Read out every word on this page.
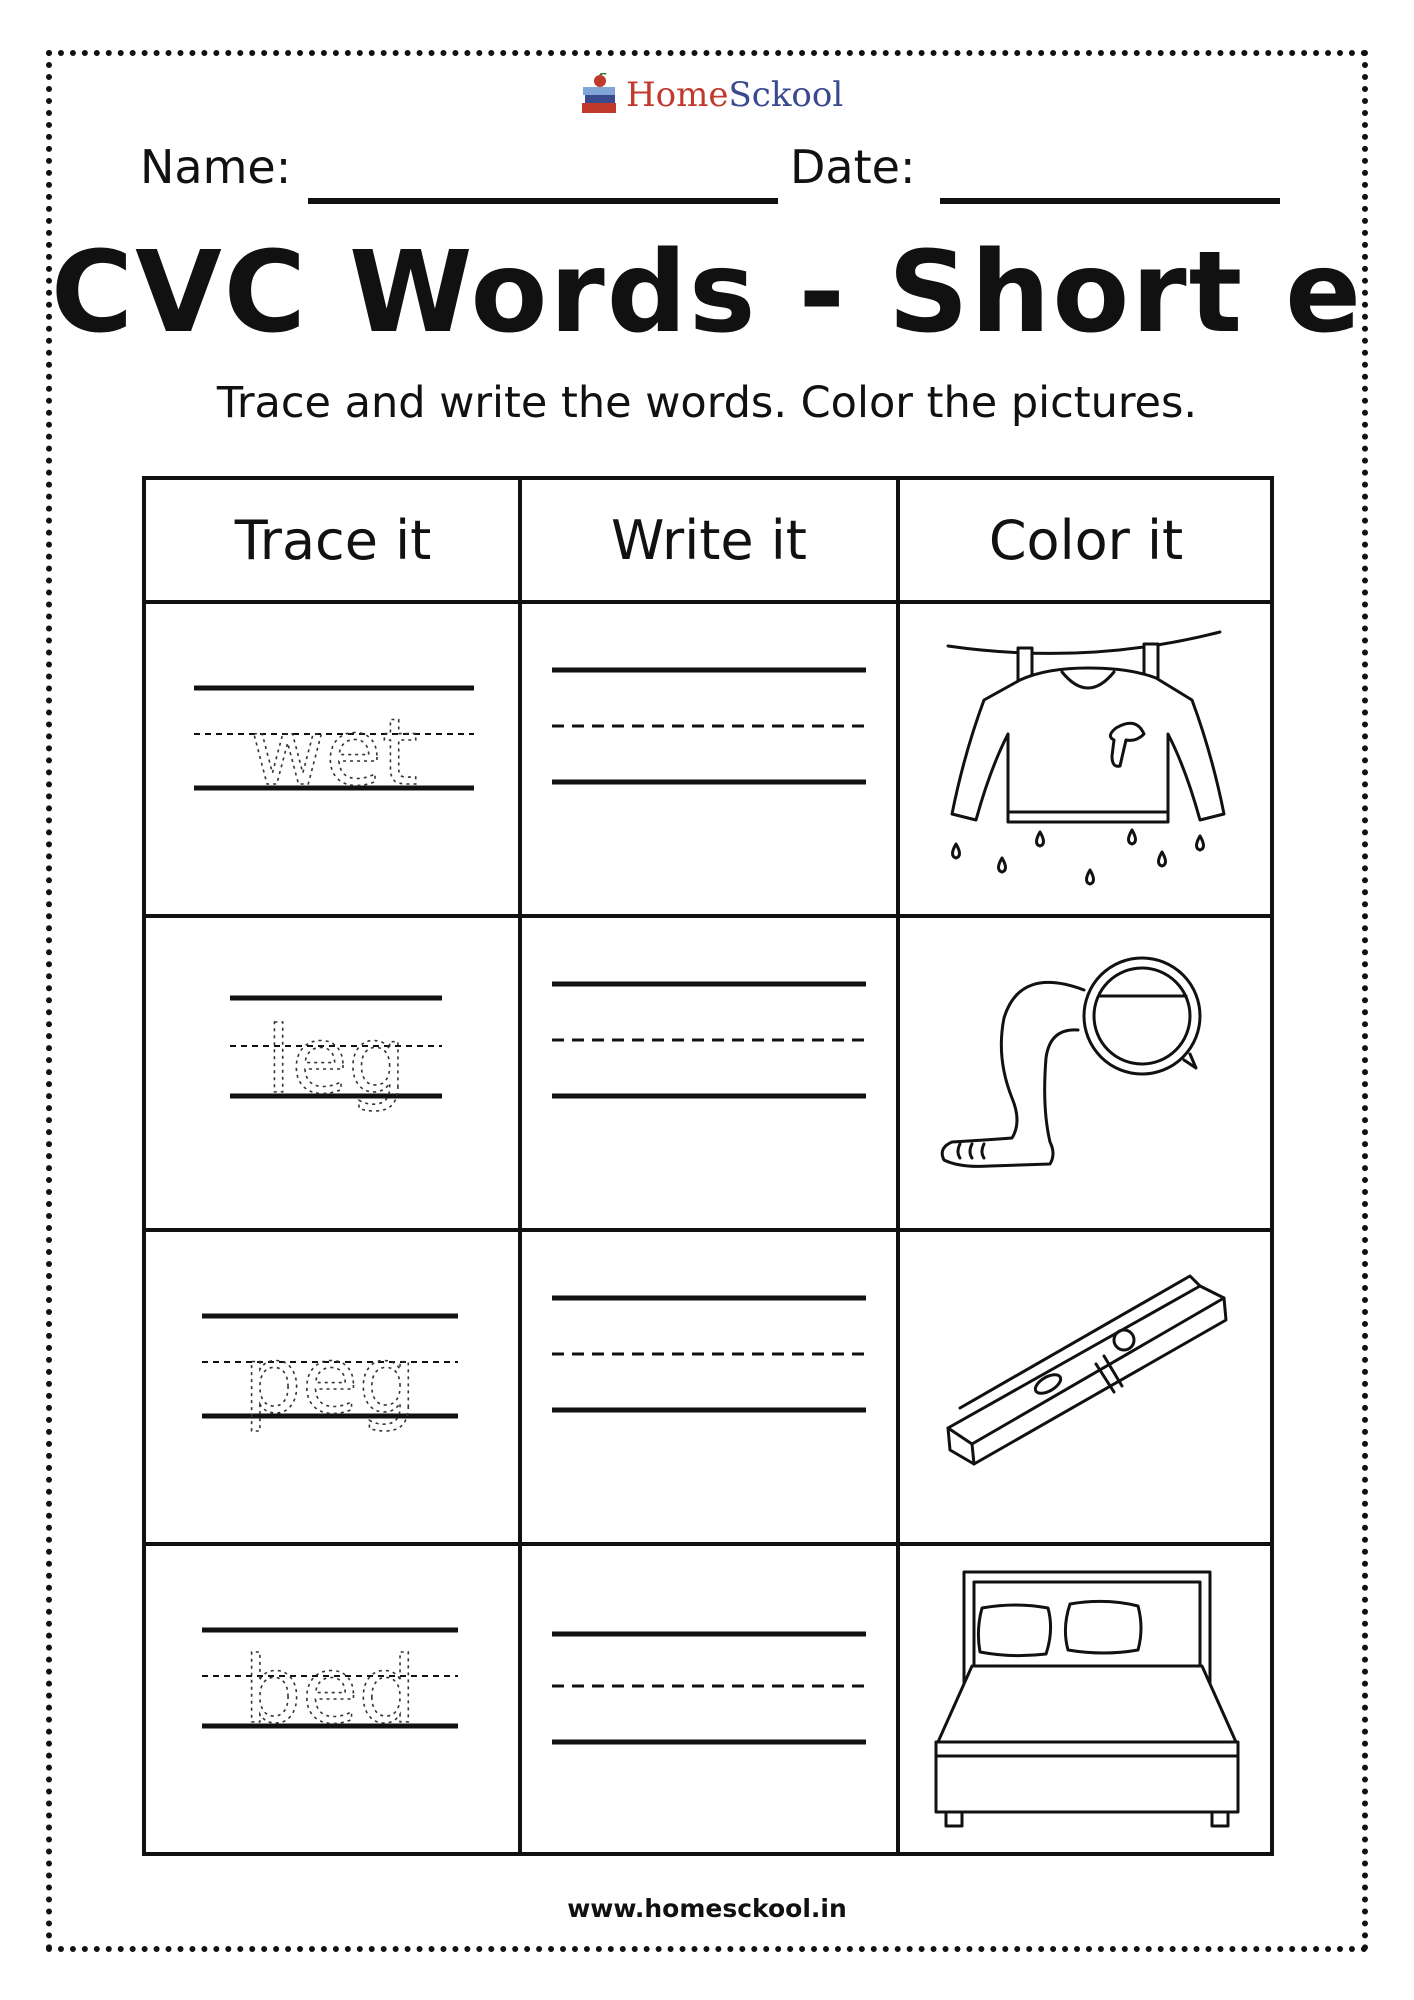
HomeSckool
Name:	Date:
CVC Words - Short e
Trace and write the words. Color the pictures.
Trace it	Write it	Color it
wet
leg
peg
bed
www.homesckool.in
